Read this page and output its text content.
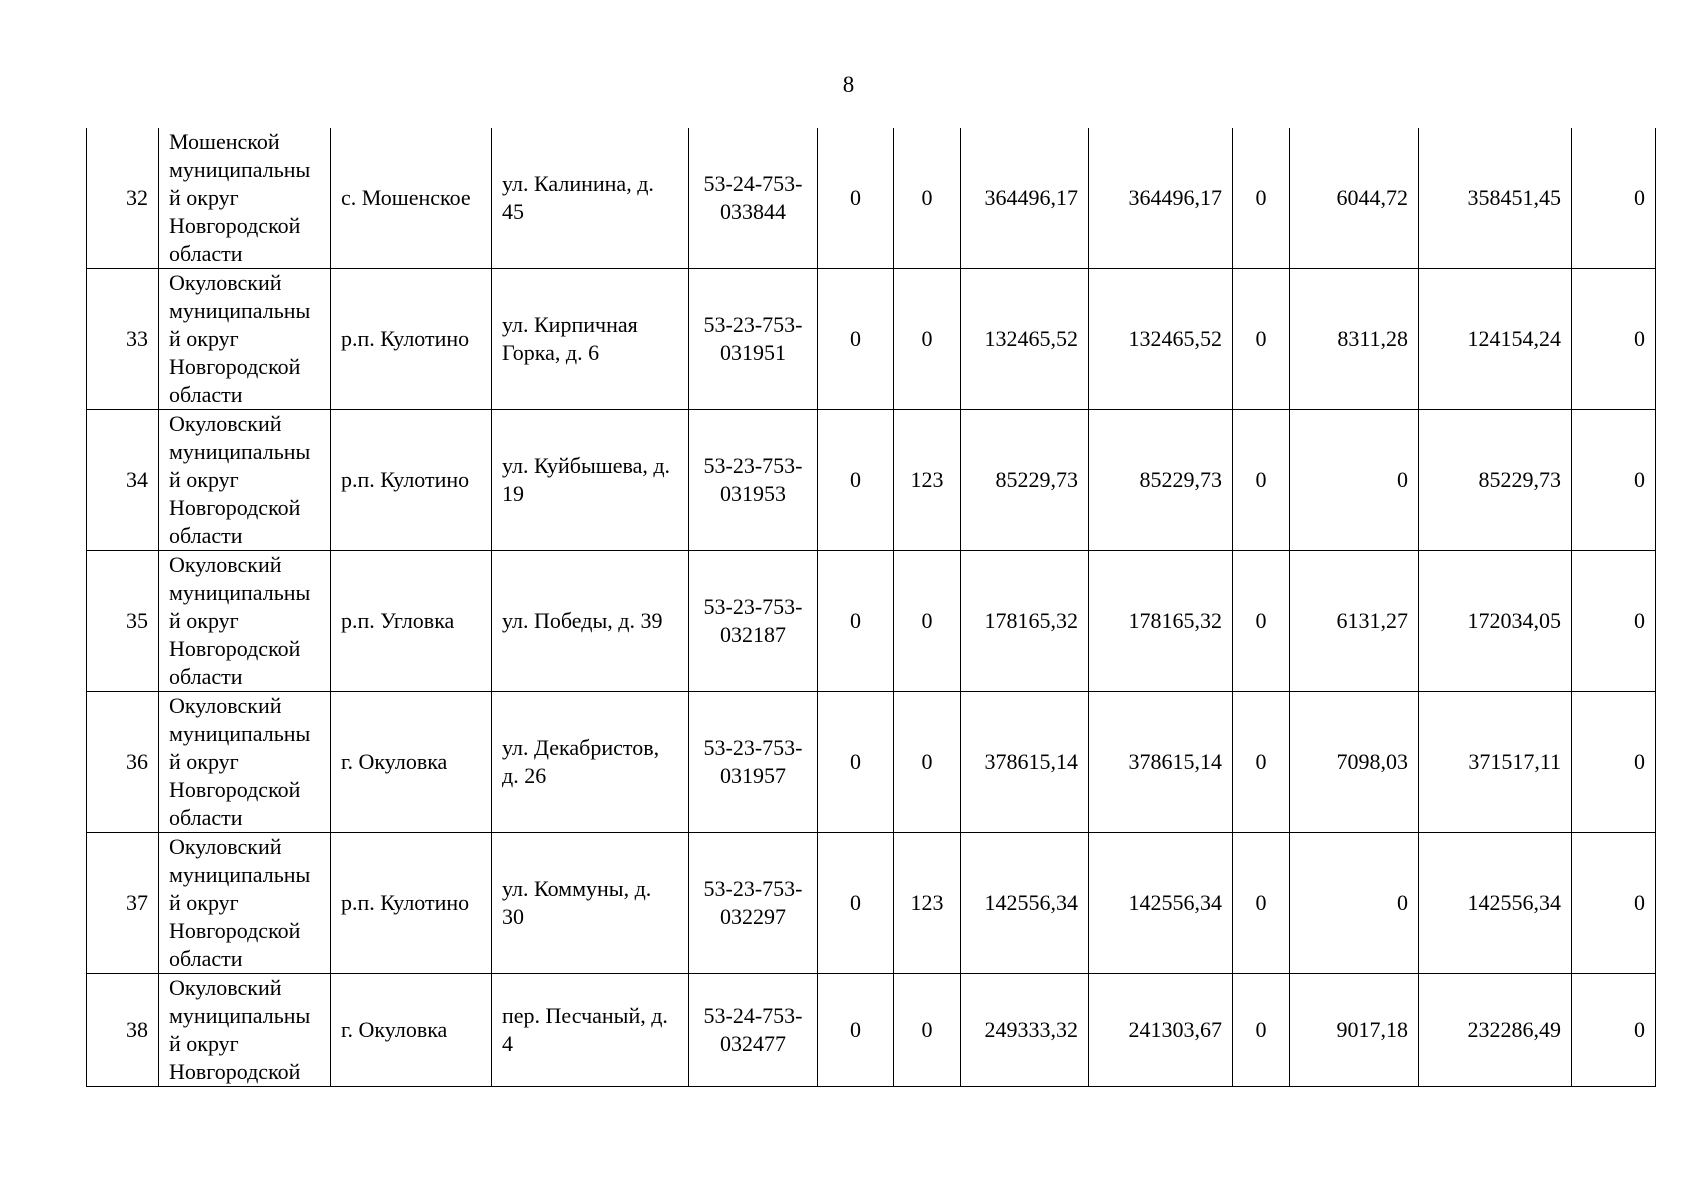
8
32	Мошенской муниципальный округ Новгородской области	с. Мошенское	ул. Калинина, д. 45	53-24-753-033844	0	0	364496,17	364496,17	0	6044,72	358451,45	0
33	Окуловский муниципальный округ Новгородской области	р.п. Кулотино	ул. Кирпичная Горка, д. 6	53-23-753-031951	0	0	132465,52	132465,52	0	8311,28	124154,24	0
34	Окуловский муниципальный округ Новгородской области	р.п. Кулотино	ул. Куйбышева, д. 19	53-23-753-031953	0	123	85229,73	85229,73	0	0	85229,73	0
35	Окуловский муниципальный округ Новгородской области	р.п. Угловка	ул. Победы, д. 39	53-23-753-032187	0	0	178165,32	178165,32	0	6131,27	172034,05	0
36	Окуловский муниципальный округ Новгородской области	г. Окуловка	ул. Декабристов, д. 26	53-23-753-031957	0	0	378615,14	378615,14	0	7098,03	371517,11	0
37	Окуловский муниципальный округ Новгородской области	р.п. Кулотино	ул. Коммуны, д. 30	53-23-753-032297	0	123	142556,34	142556,34	0	0	142556,34	0
38	Окуловский муниципальный округ Новгородской	г. Окуловка	пер. Песчаный, д. 4	53-24-753-032477	0	0	249333,32	241303,67	0	9017,18	232286,49	0
